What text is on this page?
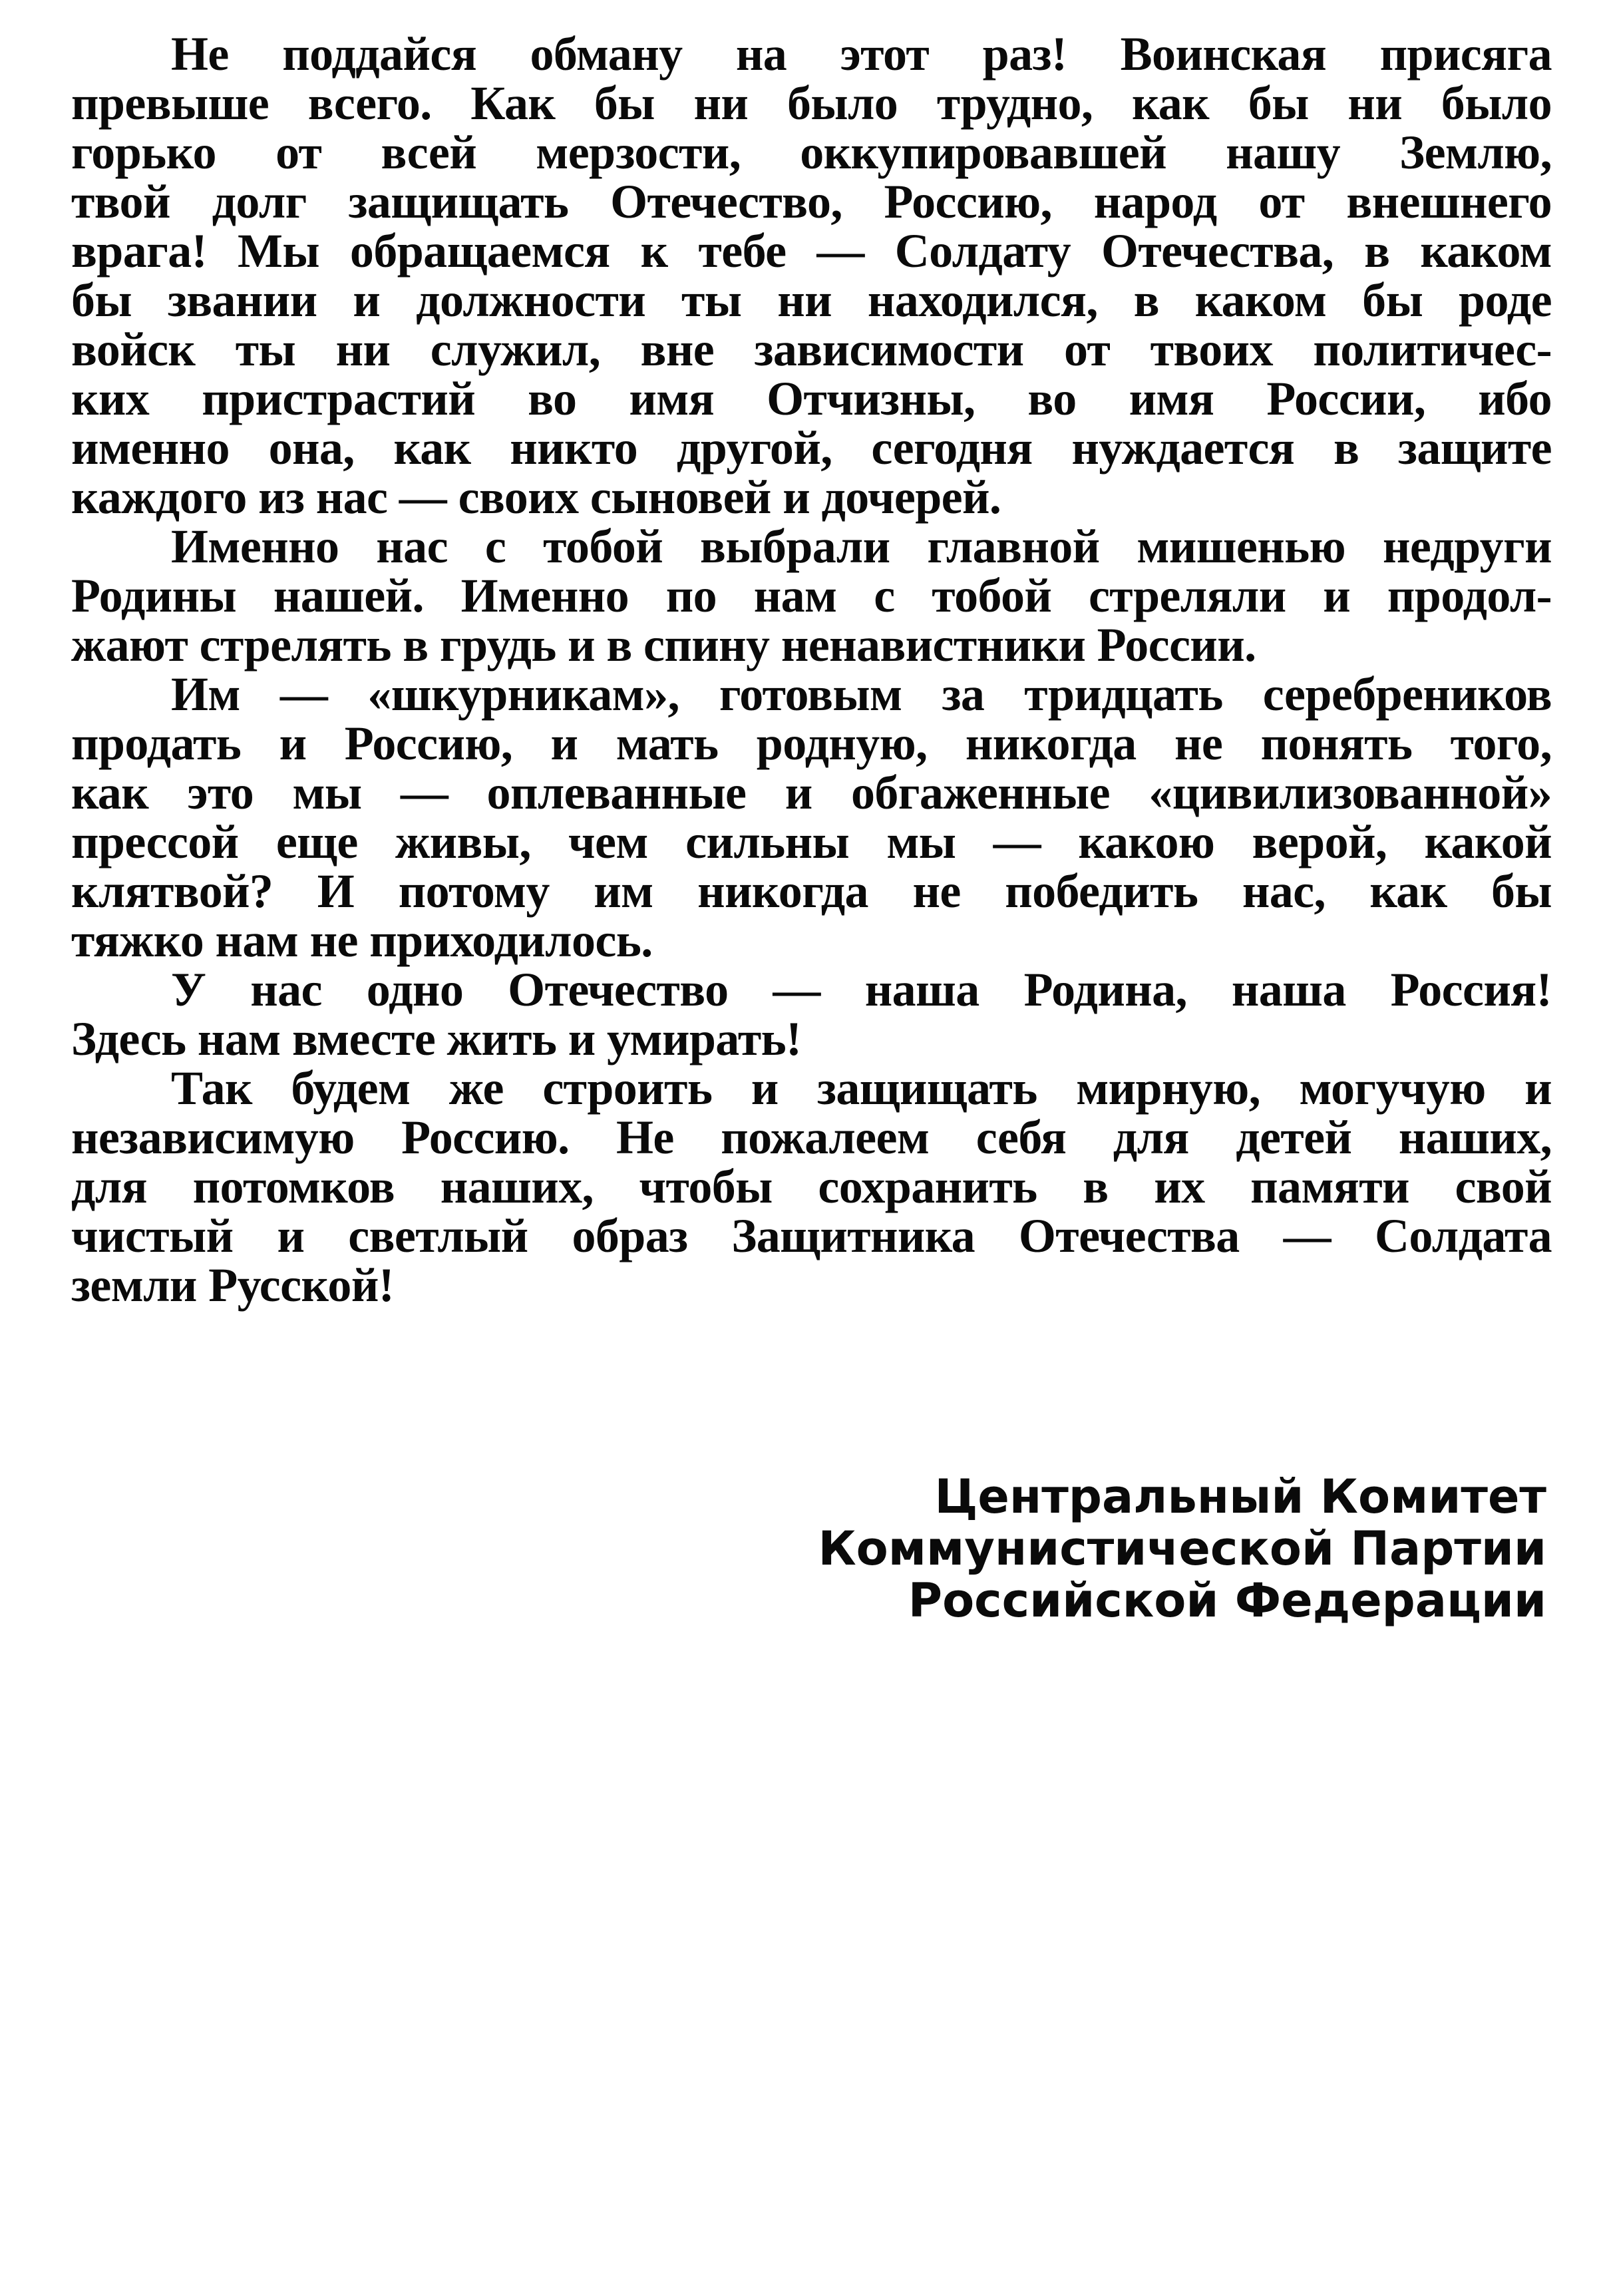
Не поддайся обману на этот раз! Воинская присяга
превыше всего. Как бы ни было трудно, как бы ни было
горько от всей мерзости, оккупировавшей нашу Землю,
твой долг защищать Отечество, Россию, народ от внешнего
врага! Мы обращаемся к тебе — Солдату Отечества, в каком
бы звании и должности ты ни находился, в каком бы роде
войск ты ни служил, вне зависимости от твоих политичес-
ких пристрастий во имя Отчизны, во имя России, ибо
именно она, как никто другой, сегодня нуждается в защите
каждого из нас — своих сыновей и дочерей.
Именно нас с тобой выбрали главной мишенью недруги
Родины нашей. Именно по нам с тобой стреляли и продол-
жают стрелять в грудь и в спину ненавистники России.
Им — «шкурникам», готовым за тридцать серебреников
продать и Россию, и мать родную, никогда не понять того,
как это мы — оплеванные и обгаженные «цивилизованной»
прессой еще живы, чем сильны мы — какою верой, какой
клятвой? И потому им никогда не победить нас, как бы
тяжко нам не приходилось.
У нас одно Отечество — наша Родина, наша Россия!
Здесь нам вместе жить и умирать!
Так будем же строить и защищать мирную, могучую и
независимую Россию. Не пожалеем себя для детей наших,
для потомков наших, чтобы сохранить в их памяти свой
чистый и светлый образ Защитника Отечества — Солдата
земли Русской!
Центральный Комитет
Коммунистической Партии
Российской Федерации
